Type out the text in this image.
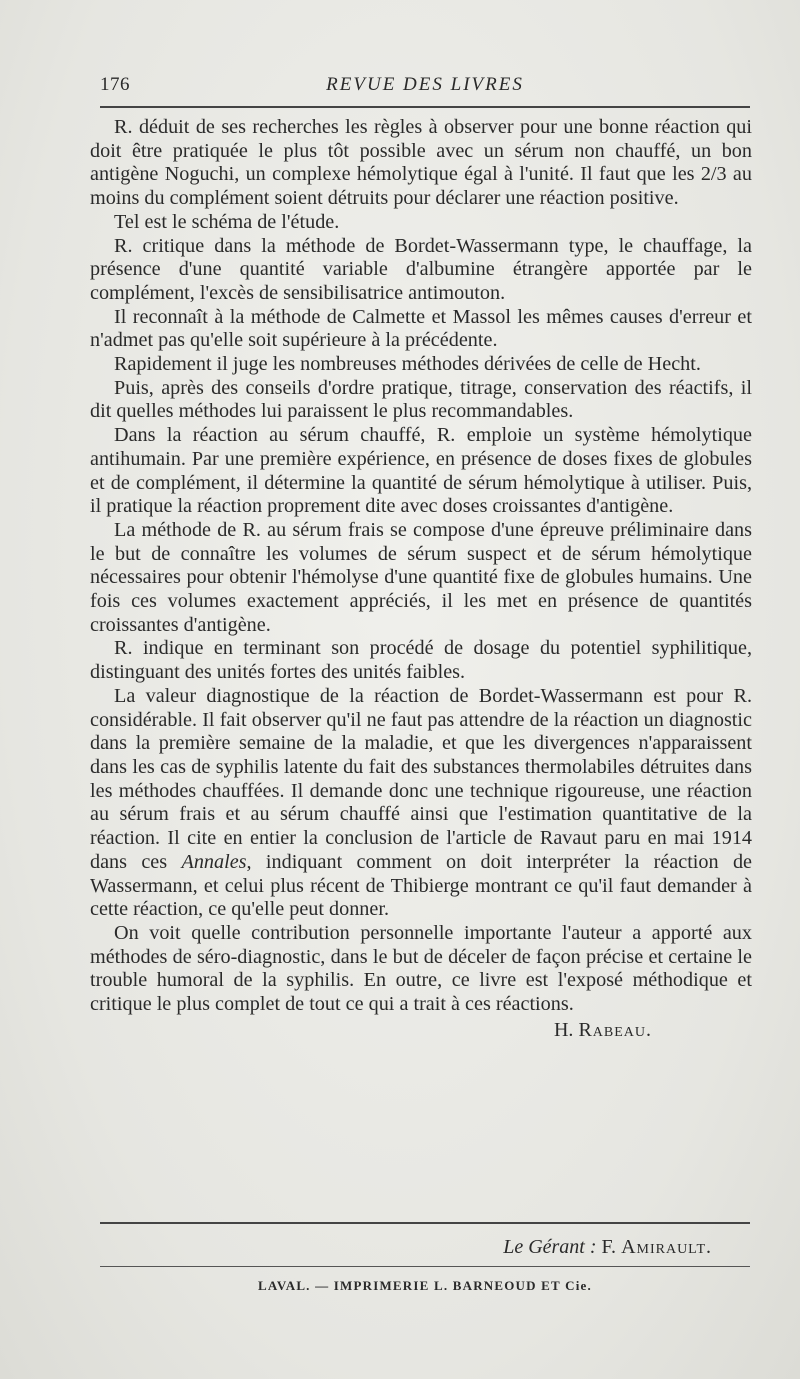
176	REVUE DES LIVRES

R. déduit de ses recherches les règles à observer pour une bonne réaction qui doit être pratiquée le plus tôt possible avec un sérum non chauffé, un bon antigène Noguchi, un complexe hémolytique égal à l'unité. Il faut que les 2/3 au moins du complément soient détruits pour déclarer une réaction positive.

Tel est le schéma de l'étude.

R. critique dans la méthode de Bordet-Wassermann type, le chauffage, la présence d'une quantité variable d'albumine étrangère apportée par le complément, l'excès de sensibilisatrice antimouton.

Il reconnaît à la méthode de Calmette et Massol les mêmes causes d'erreur et n'admet pas qu'elle soit supérieure à la précédente.

Rapidement il juge les nombreuses méthodes dérivées de celle de Hecht.

Puis, après des conseils d'ordre pratique, titrage, conservation des réactifs, il dit quelles méthodes lui paraissent le plus recommandables.

Dans la réaction au sérum chauffé, R. emploie un système hémolytique antihumain. Par une première expérience, en présence de doses fixes de globules et de complément, il détermine la quantité de sérum hémolytique à utiliser. Puis, il pratique la réaction proprement dite avec doses croissantes d'antigène.

La méthode de R. au sérum frais se compose d'une épreuve préliminaire dans le but de connaître les volumes de sérum suspect et de sérum hémolytique nécessaires pour obtenir l'hémolyse d'une quantité fixe de globules humains. Une fois ces volumes exactement appréciés, il les met en présence de quantités croissantes d'antigène.

R. indique en terminant son procédé de dosage du potentiel syphilitique, distinguant des unités fortes des unités faibles.

La valeur diagnostique de la réaction de Bordet-Wassermann est pour R. considérable. Il fait observer qu'il ne faut pas attendre de la réaction un diagnostic dans la première semaine de la maladie, et que les divergences n'apparaissent dans les cas de syphilis latente du fait des substances thermolabiles détruites dans les méthodes chauffées. Il demande donc une technique rigoureuse, une réaction au sérum frais et au sérum chauffé ainsi que l'estimation quantitative de la réaction. Il cite en entier la conclusion de l'article de Ravaut paru en mai 1914 dans ces Annales, indiquant comment on doit interpréter la réaction de Wassermann, et celui plus récent de Thibierge montrant ce qu'il faut demander à cette réaction, ce qu'elle peut donner.

On voit quelle contribution personnelle importante l'auteur a apporté aux méthodes de séro-diagnostic, dans le but de déceler de façon précise et certaine le trouble humoral de la syphilis. En outre, ce livre est l'exposé méthodique et critique le plus complet de tout ce qui a trait à ces réactions.

H. Rabeau.
Le Gérant : F. Amirault.
LAVAL. — IMPRIMERIE L. BARNEOUD ET Cie.
